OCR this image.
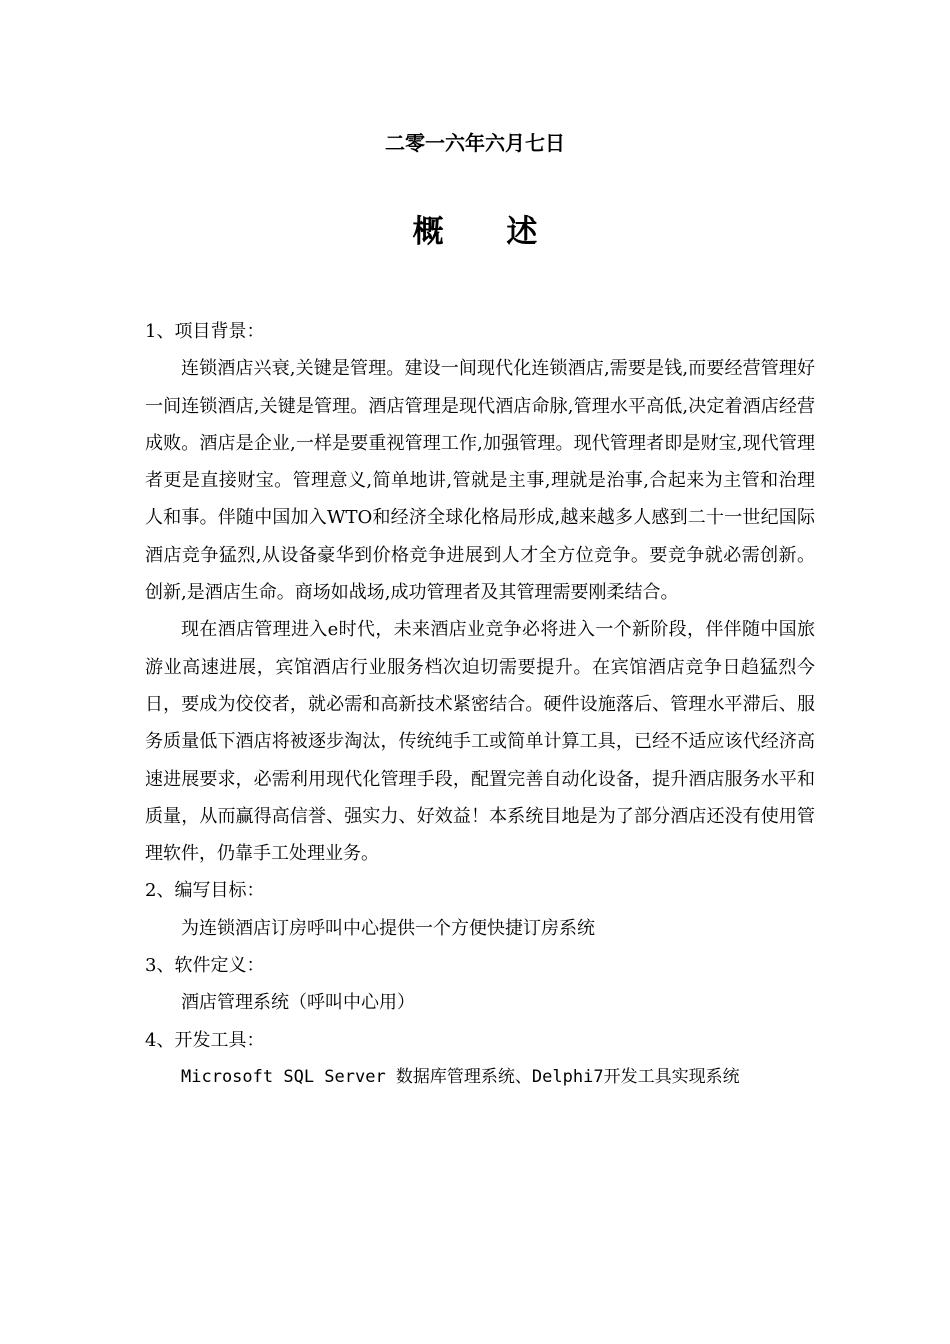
二零一六年六月七日
概 述

1、项目背景：

连锁酒店兴衰,关键是管理。建设一间现代化连锁酒店,需要是钱,而要经营管理好一间连锁酒店,关键是管理。酒店管理是现代酒店命脉,管理水平高低,决定着酒店经营成败。酒店是企业,一样是要重视管理工作,加强管理。现代管理者即是财宝,现代管理者更是直接财宝。管理意义,简单地讲,管就是主事,理就是治事,合起来为主管和治理人和事。伴随中国加入WTO和经济全球化格局形成,越来越多人感到二十一世纪国际酒店竞争猛烈,从设备豪华到价格竞争进展到人才全方位竞争。要竞争就必需创新。创新,是酒店生命。商场如战场,成功管理者及其管理需要刚柔结合。

现在酒店管理进入e时代，未来酒店业竞争必将进入一个新阶段，伴伴随中国旅游业高速进展，宾馆酒店行业服务档次迫切需要提升。在宾馆酒店竞争日趋猛烈今日，要成为佼佼者，就必需和高新技术紧密结合。硬件设施落后、管理水平滞后、服务质量低下酒店将被逐步淘汰，传统纯手工或简单计算工具，已经不适应该代经济高速进展要求，必需利用现代化管理手段，配置完善自动化设备，提升酒店服务水平和质量，从而赢得高信誉、强实力、好效益！本系统目地是为了部分酒店还没有使用管理软件，仍靠手工处理业务。

2、编写目标：

为连锁酒店订房呼叫中心提供一个方便快捷订房系统

3、软件定义：

酒店管理系统（呼叫中心用）

4、开发工具：

Microsoft SQL Server 数据库管理系统、Delphi7开发工具实现系统
